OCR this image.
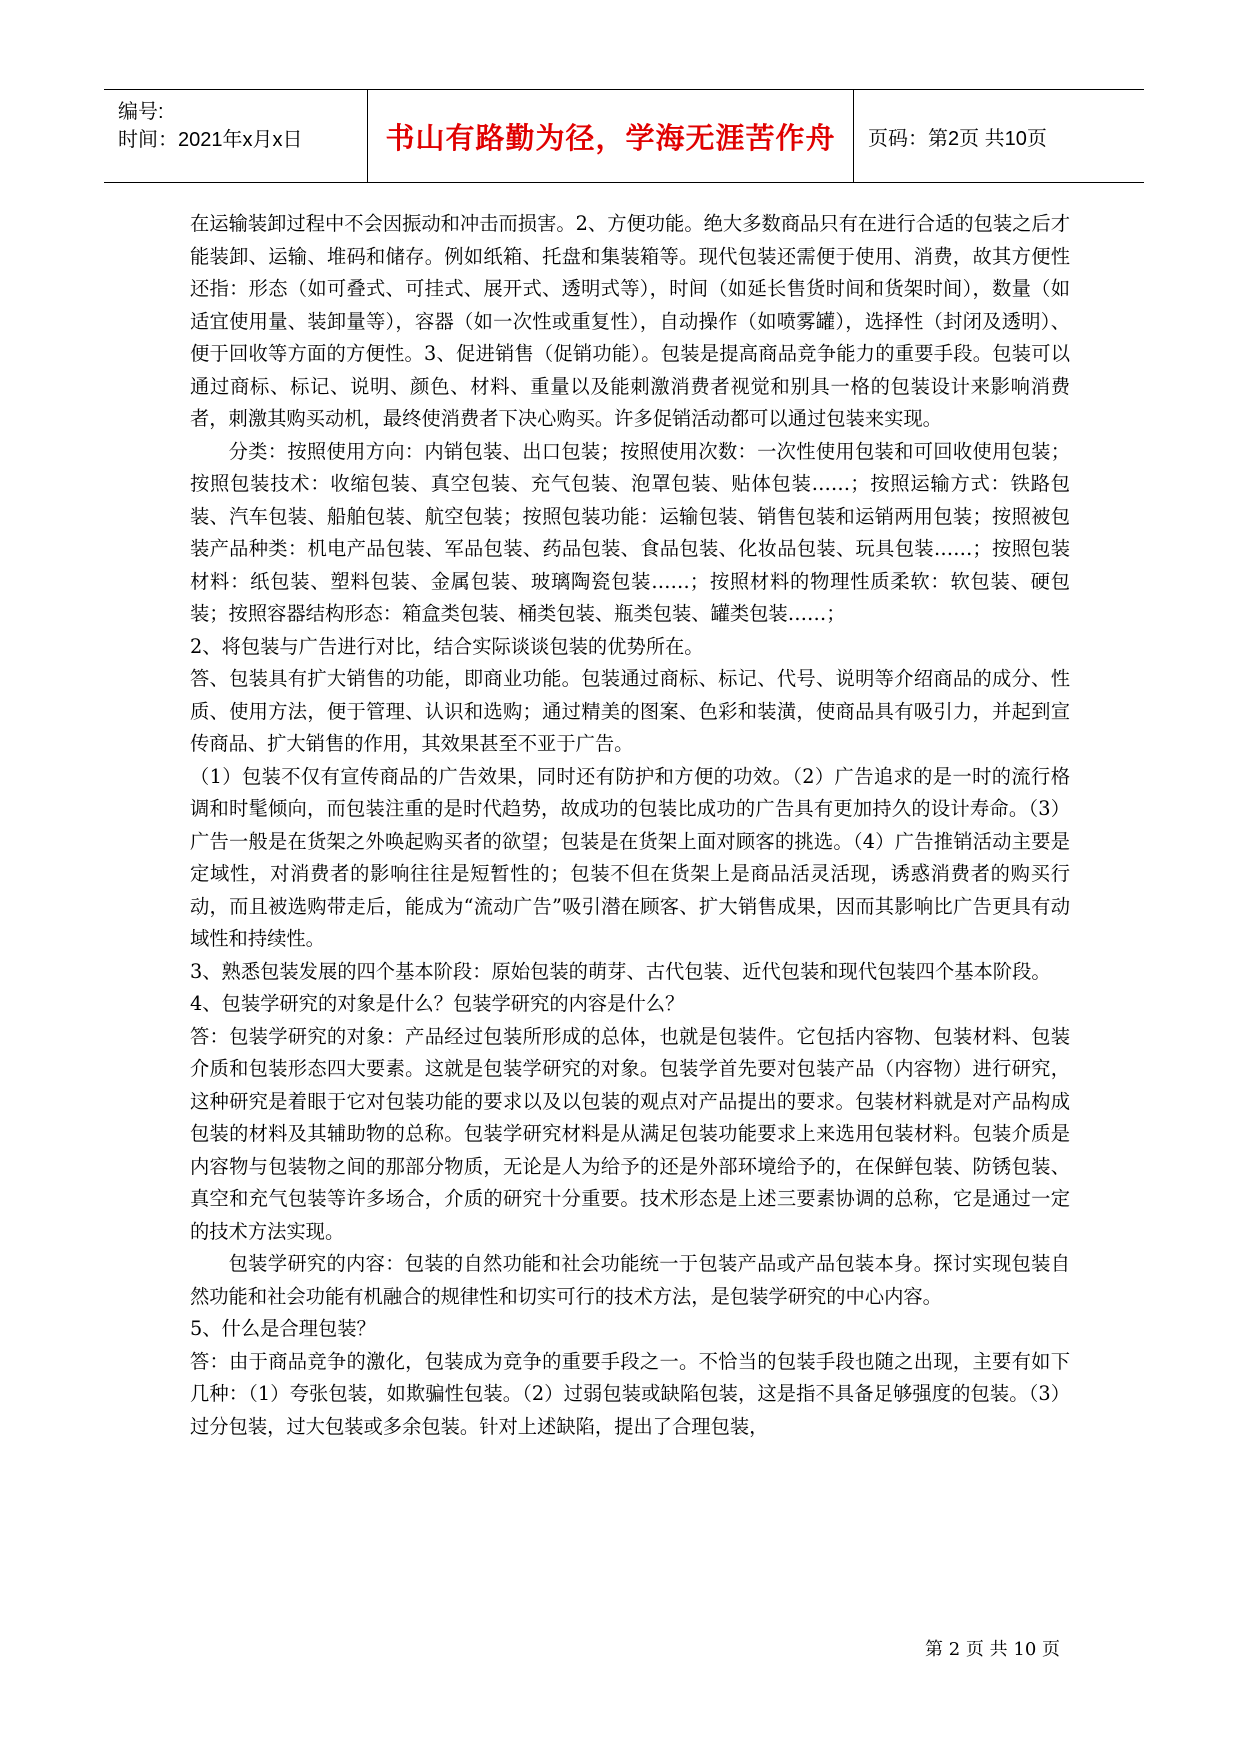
编号:
时间：2021年x月x日	书山有路勤为径，学海无涯苦作舟	页码：第2页 共10页

在运输装卸过程中不会因振动和冲击而损害。2、方便功能。绝大多数商品只有在进行合适的包装之后才能装卸、运输、堆码和储存。例如纸箱、托盘和集装箱等。现代包装还需便于使用、消费，故其方便性还指：形态（如可叠式、可挂式、展开式、透明式等），时间（如延长售货时间和货架时间），数量（如适宜使用量、装卸量等），容器（如一次性或重复性），自动操作（如喷雾罐），选择性（封闭及透明）、便于回收等方面的方便性。3、促进销售（促销功能）。包装是提高商品竞争能力的重要手段。包装可以通过商标、标记、说明、颜色、材料、重量以及能刺激消费者视觉和别具一格的包装设计来影响消费者，刺激其购买动机，最终使消费者下决心购买。许多促销活动都可以通过包装来实现。

分类：按照使用方向：内销包装、出口包装；按照使用次数：一次性使用包装和可回收使用包装；按照包装技术：收缩包装、真空包装、充气包装、泡罩包装、贴体包装……；按照运输方式：铁路包装、汽车包装、船舶包装、航空包装；按照包装功能：运输包装、销售包装和运销两用包装；按照被包装产品种类：机电产品包装、军品包装、药品包装、食品包装、化妆品包装、玩具包装……；按照包装材料：纸包装、塑料包装、金属包装、玻璃陶瓷包装……；按照材料的物理性质柔软：软包装、硬包装；按照容器结构形态：箱盒类包装、桶类包装、瓶类包装、罐类包装……；

2、将包装与广告进行对比，结合实际谈谈包装的优势所在。

答、包装具有扩大销售的功能，即商业功能。包装通过商标、标记、代号、说明等介绍商品的成分、性质、使用方法，便于管理、认识和选购；通过精美的图案、色彩和装潢，使商品具有吸引力，并起到宣传商品、扩大销售的作用，其效果甚至不亚于广告。

（1）包装不仅有宣传商品的广告效果，同时还有防护和方便的功效。（2）广告追求的是一时的流行格调和时髦倾向，而包装注重的是时代趋势，故成功的包装比成功的广告具有更加持久的设计寿命。（3）广告一般是在货架之外唤起购买者的欲望；包装是在货架上面对顾客的挑选。（4）广告推销活动主要是定域性，对消费者的影响往往是短暂性的；包装不但在货架上是商品活灵活现，诱惑消费者的购买行动，而且被选购带走后，能成为“流动广告”吸引潜在顾客、扩大销售成果，因而其影响比广告更具有动域性和持续性。

3、熟悉包装发展的四个基本阶段：原始包装的萌芽、古代包装、近代包装和现代包装四个基本阶段。

4、包装学研究的对象是什么？包装学研究的内容是什么？

答：包装学研究的对象：产品经过包装所形成的总体，也就是包装件。它包括内容物、包装材料、包装介质和包装形态四大要素。这就是包装学研究的对象。包装学首先要对包装产品（内容物）进行研究，这种研究是着眼于它对包装功能的要求以及以包装的观点对产品提出的要求。包装材料就是对产品构成包装的材料及其辅助物的总称。包装学研究材料是从满足包装功能要求上来选用包装材料。包装介质是内容物与包装物之间的那部分物质，无论是人为给予的还是外部环境给予的，在保鲜包装、防锈包装、真空和充气包装等许多场合，介质的研究十分重要。技术形态是上述三要素协调的总称，它是通过一定的技术方法实现。

包装学研究的内容：包装的自然功能和社会功能统一于包装产品或产品包装本身。探讨实现包装自然功能和社会功能有机融合的规律性和切实可行的技术方法，是包装学研究的中心内容。

5、什么是合理包装？

答：由于商品竞争的激化，包装成为竞争的重要手段之一。不恰当的包装手段也随之出现，主要有如下几种：（1）夸张包装，如欺骗性包装。（2）过弱包装或缺陷包装，这是指不具备足够强度的包装。（3）过分包装，过大包装或多余包装。针对上述缺陷，提出了合理包装，

第 2 页 共 10 页
